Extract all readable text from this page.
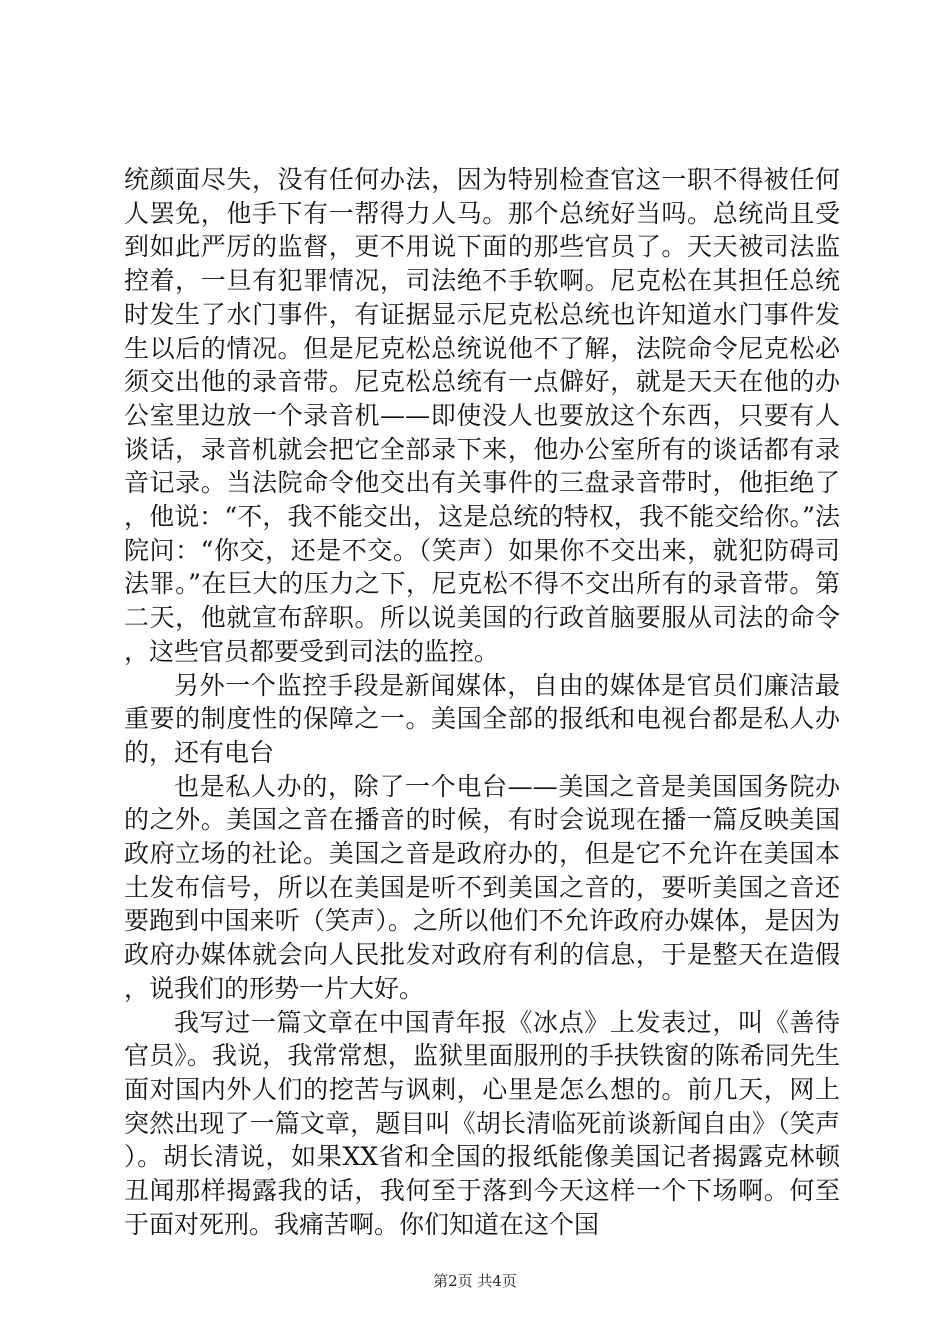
统颜面尽失，没有任何办法，因为特别检查官这一职不得被任何人罢免，他手下有一帮得力人马。那个总统好当吗。总统尚且受到如此严厉的监督，更不用说下面的那些官员了。天天被司法监控着，一旦有犯罪情况，司法绝不手软啊。尼克松在其担任总统时发生了水门事件，有证据显示尼克松总统也许知道水门事件发生以后的情况。但是尼克松总统说他不了解，法院命令尼克松必须交出他的录音带。尼克松总统有一点僻好，就是天天在他的办公室里边放一个录音机——即使没人也要放这个东西，只要有人谈话，录音机就会把它全部录下来，他办公室所有的谈话都有录音记录。当法院命令他交出有关事件的三盘录音带时，他拒绝了，他说：“不，我不能交出，这是总统的特权，我不能交给你。”法院问：“你交，还是不交。（笑声）如果你不交出来，就犯防碍司法罪。”在巨大的压力之下，尼克松不得不交出所有的录音带。第二天，他就宣布辞职。所以说美国的行政首脑要服从司法的命令，这些官员都要受到司法的监控。

另外一个监控手段是新闻媒体，自由的媒体是官员们廉洁最重要的制度性的保障之一。美国全部的报纸和电视台都是私人办的，还有电台

也是私人办的，除了一个电台——美国之音是美国国务院办的之外。美国之音在播音的时候，有时会说现在播一篇反映美国政府立场的社论。美国之音是政府办的，但是它不允许在美国本土发布信号，所以在美国是听不到美国之音的，要听美国之音还要跑到中国来听（笑声）。之所以他们不允许政府办媒体，是因为政府办媒体就会向人民批发对政府有利的信息，于是整天在造假，说我们的形势一片大好。

我写过一篇文章在中国青年报《冰点》上发表过，叫《善待官员》。我说，我常常想，监狱里面服刑的手扶铁窗的陈希同先生面对国内外人们的挖苦与讽刺，心里是怎么想的。前几天，网上突然出现了一篇文章，题目叫《胡长清临死前谈新闻自由》（笑声）。胡长清说，如果XX省和全国的报纸能像美国记者揭露克林顿丑闻那样揭露我的话，我何至于落到今天这样一个下场啊。何至于面对死刑。我痛苦啊。你们知道在这个国

第2页 共4页
